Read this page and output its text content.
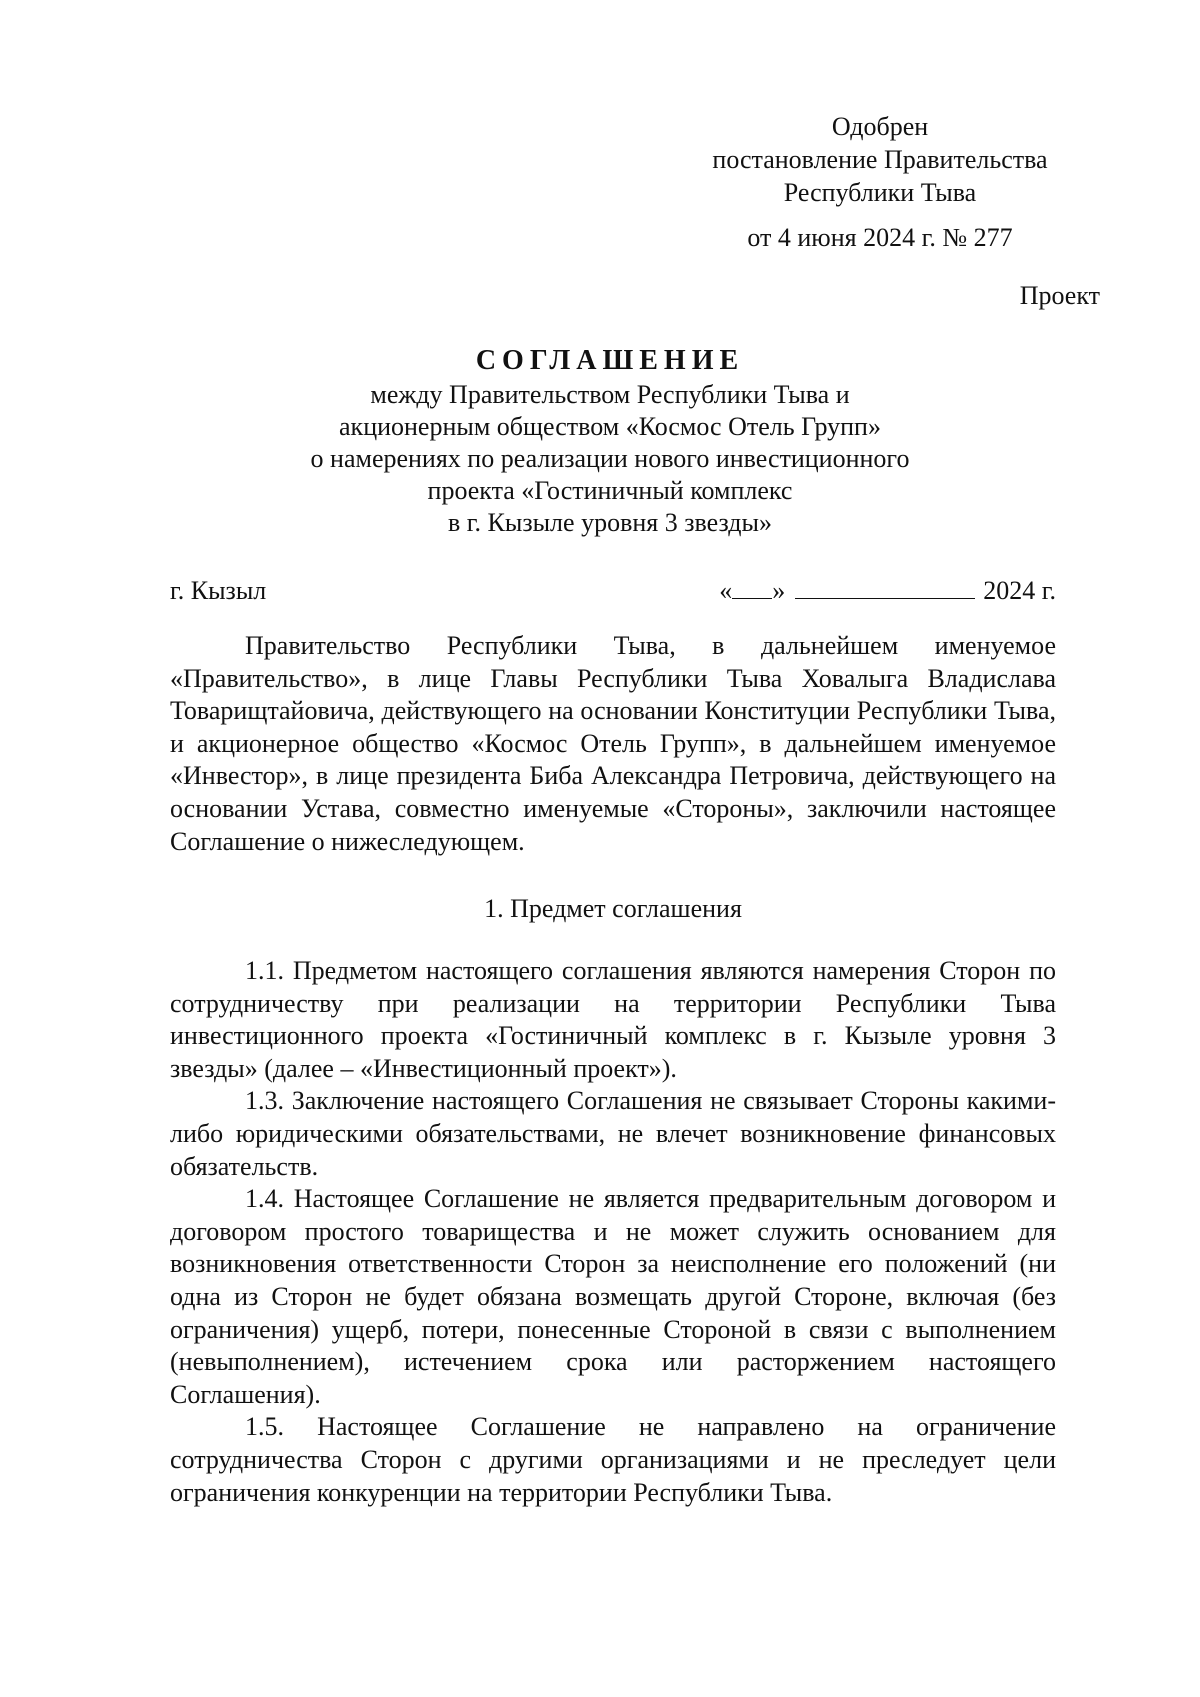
Одобрен
постановление Правительства
Республики Тыва
от 4 июня 2024 г. № 277
Проект
СОГЛАШЕНИЕ
между Правительством Республики Тыва и
акционерным обществом «Космос Отель Групп»
о намерениях по реализации нового инвестиционного
проекта «Гостиничный комплекс
в г. Кызыле уровня 3 звезды»
г. Кызыл	« »	2024 г.

Правительство Республики Тыва, в дальнейшем именуемое «Правительство», в лице Главы Республики Тыва Ховалыга Владислава Товарищтайовича, действующего на основании Конституции Республики Тыва, и акционерное общество «Космос Отель Групп», в дальнейшем именуемое «Инвестор», в лице президента Биба Александра Петровича, действующего на основании Устава, совместно именуемые «Стороны», заключили настоящее Соглашение о нижеследующем.

1. Предмет соглашения

1.1. Предметом настоящего соглашения являются намерения Сторон по сотрудничеству при реализации на территории Республики Тыва инвестиционного проекта «Гостиничный комплекс в г. Кызыле уровня 3 звезды» (далее – «Инвестиционный проект»).

1.3. Заключение настоящего Соглашения не связывает Стороны какими-либо юридическими обязательствами, не влечет возникновение финансовых обязательств.

1.4. Настоящее Соглашение не является предварительным договором и договором простого товарищества и не может служить основанием для возникновения ответственности Сторон за неисполнение его положений (ни одна из Сторон не будет обязана возмещать другой Стороне, включая (без ограничения) ущерб, потери, понесенные Стороной в связи с выполнением (невыполнением), истечением срока или расторжением настоящего Соглашения).

1.5. Настоящее Соглашение не направлено на ограничение сотрудничества Сторон с другими организациями и не преследует цели ограничения конкуренции на территории Республики Тыва.
